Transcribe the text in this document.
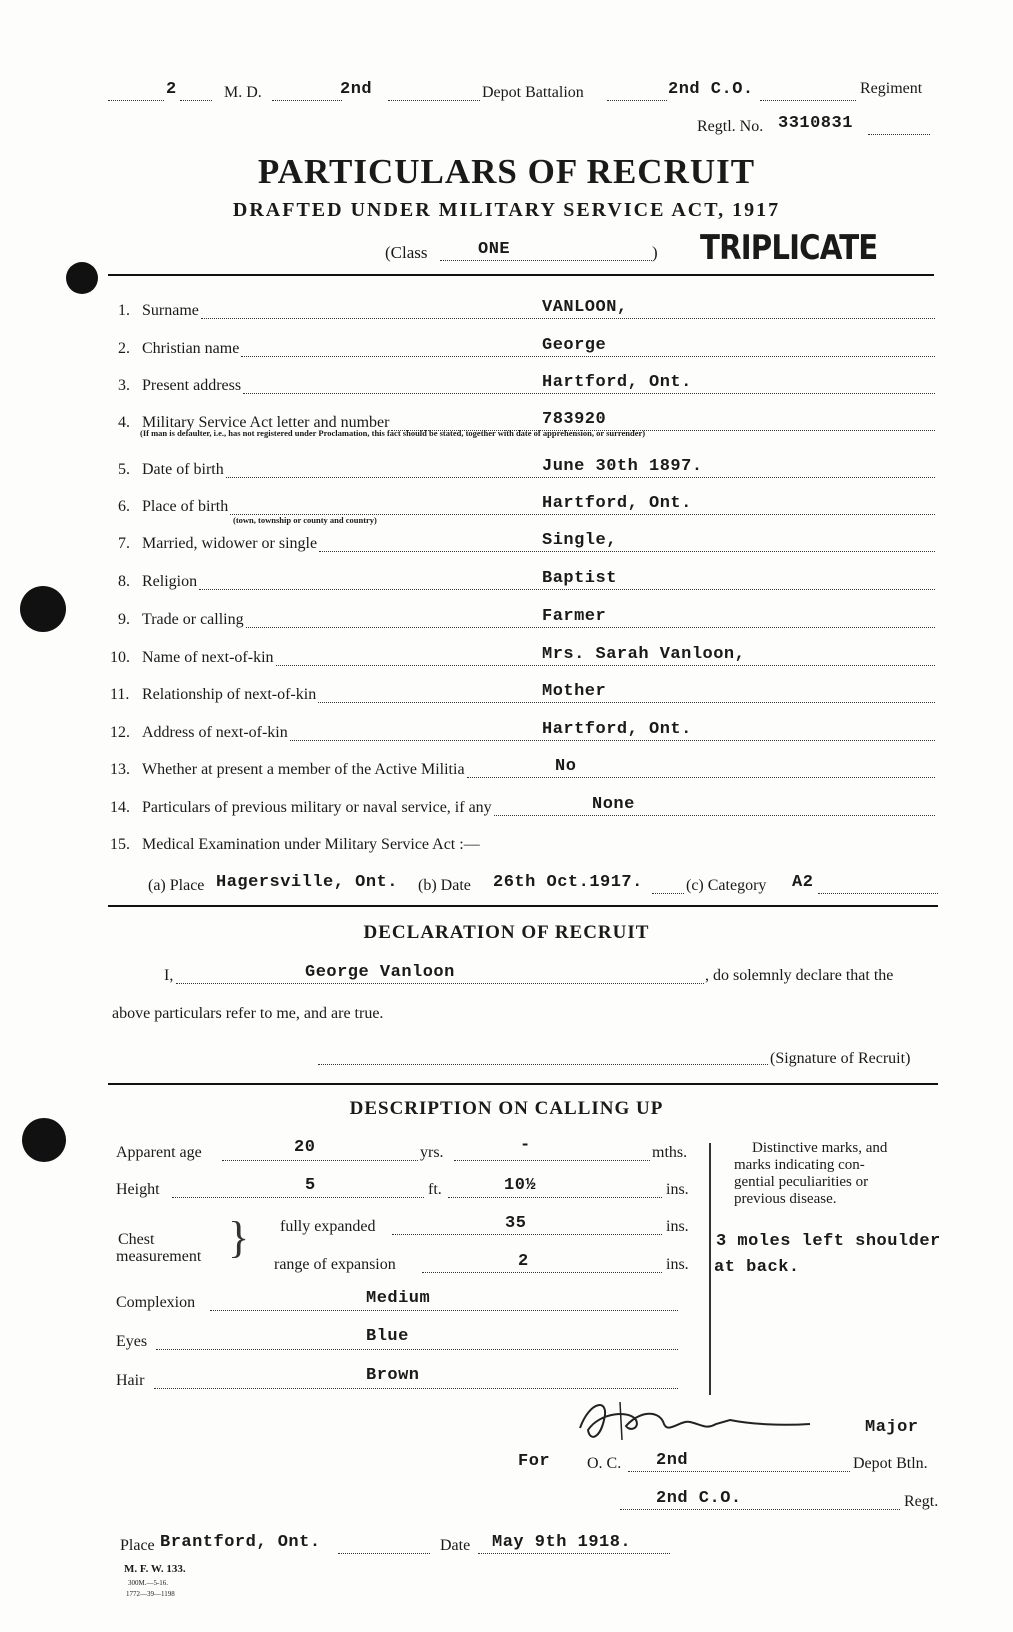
2	M. D.	2nd	Depot Battalion	2nd C.O.	Regiment
Regtl. No. 3310831
PARTICULARS OF RECRUIT
DRAFTED UNDER MILITARY SERVICE ACT, 1917
(Class	ONE	) TRIPLICATE
1. Surname	VANLOON,
2. Christian name	George
3. Present address	Hartford, Ont.
4. Military Service Act letter and number	783920
5. Date of birth	June 30th 1897.
6. Place of birth	Hartford, Ont.
7. Married, widower or single	Single,
8. Religion	Baptist
9. Trade or calling	Farmer
10. Name of next-of-kin	Mrs. Sarah Vanloon,
11. Relationship of next-of-kin	Mother
12. Address of next-of-kin	Hartford, Ont.
13. Whether at present a member of the Active Militia	No
14. Particulars of previous military or naval service, if any	None
15. Medical Examination under Military Service Act :—
(If man is defaulter, i.e., has not registered under Proclamation, this fact should be stated, together with date of apprehension, or surrender)
(town, township or county and country)
(a) Place Hagersville, Ont. (b) Date 26th Oct.1917.	(c) Category A2
DECLARATION OF RECRUIT
I,	George Vanloon	, do solemnly declare that the
above particulars refer to me, and are true.
(Signature of Recruit)
DESCRIPTION ON CALLING UP
Apparent age	20	yrs.	-	mths.
Height	5	ft.	10½	ins.
Chest
measurement } fully expanded	35	ins.
range of expansion	2	ins.
Complexion	Medium
Eyes	Blue
Hair	Brown
Distinctive marks, and
marks indicating con-
gential peculiarities or
previous disease.
3 moles left shoulder
at back.
Major
For O. C. 2nd	Depot Btln.
2nd C.O.	Regt.
Place Brantford, Ont.	Date May 9th 1918.
M. F. W. 133.
300M.—5-16.
1772—39—1198
